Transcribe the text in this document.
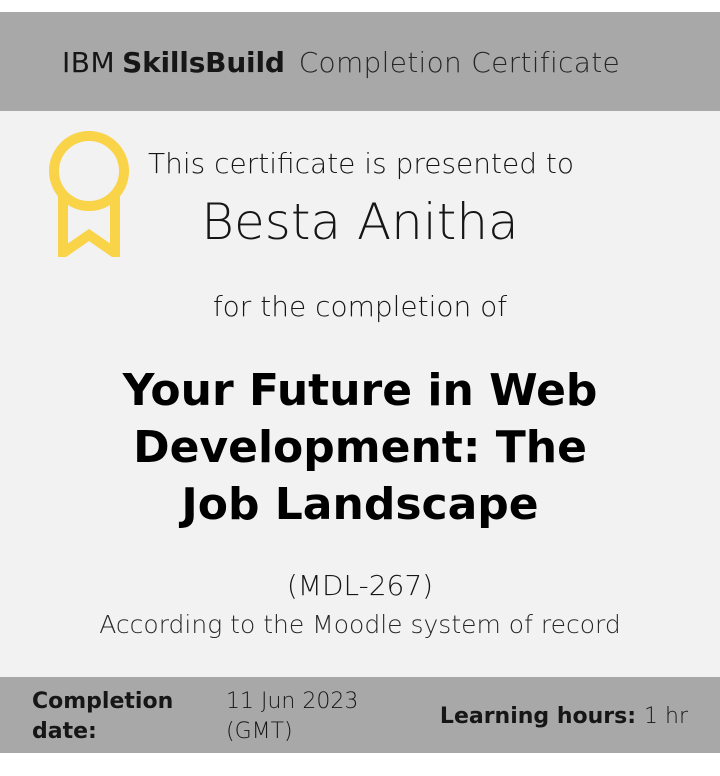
IBM SkillsBuild Completion Certificate
This certificate is presented to
Besta Anitha
for the completion of
Your Future in Web Development: The Job Landscape
(MDL-267)
According to the Moodle system of record
Completion date:
11 Jun 2023 (GMT)
Learning hours: 1 hr
